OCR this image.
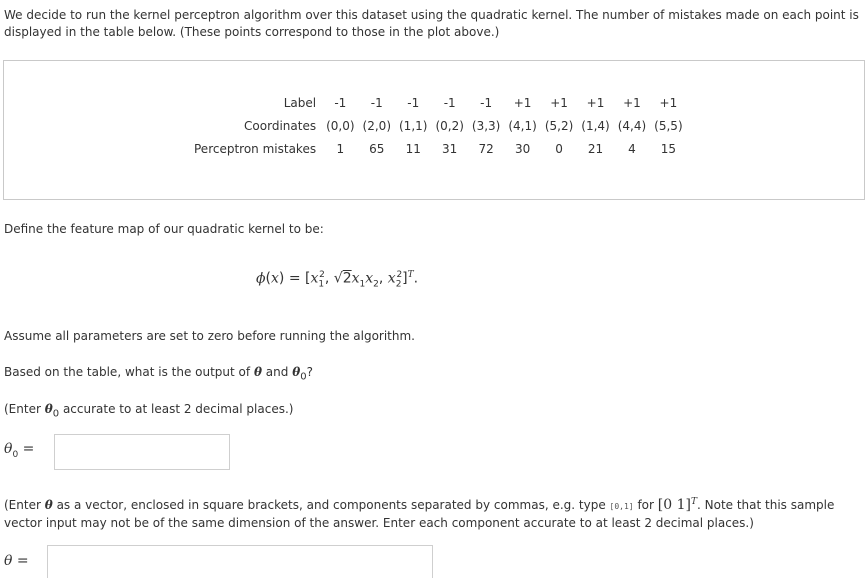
We decide to run the kernel perceptron algorithm over this dataset using the quadratic kernel. The number of mistakes made on each point is displayed in the table below. (These points correspond to those in the plot above.)

Label	-1	-1	-1	-1	-1	+1	+1	+1	+1	+1
Coordinates	(0,0)	(2,0)	(1,1)	(0,2)	(3,3)	(4,1)	(5,2)	(1,4)	(4,4)	(5,5)
Perceptron mistakes	1	65	11	31	72	30	0	21	4	15

Define the feature map of our quadratic kernel to be:

$\phi(x) = [x_1^2$, $√2x_1x_2$, $x_2^2]^T$.

Assume all parameters are set to zero before running the algorithm.

Based on the table, what is the output of θ and $\theta_0$?

(Enter $\theta_0$ accurate to at least 2 decimal places.)

$\theta_0$ =

(Enter θ as a vector, enclosed in square brackets, and components separated by commas, e.g. type [0,1] for [0 1]$^T$. Note that this sample vector input may not be of the same dimension of the answer. Enter each component accurate to at least 2 decimal places.)

θ =
